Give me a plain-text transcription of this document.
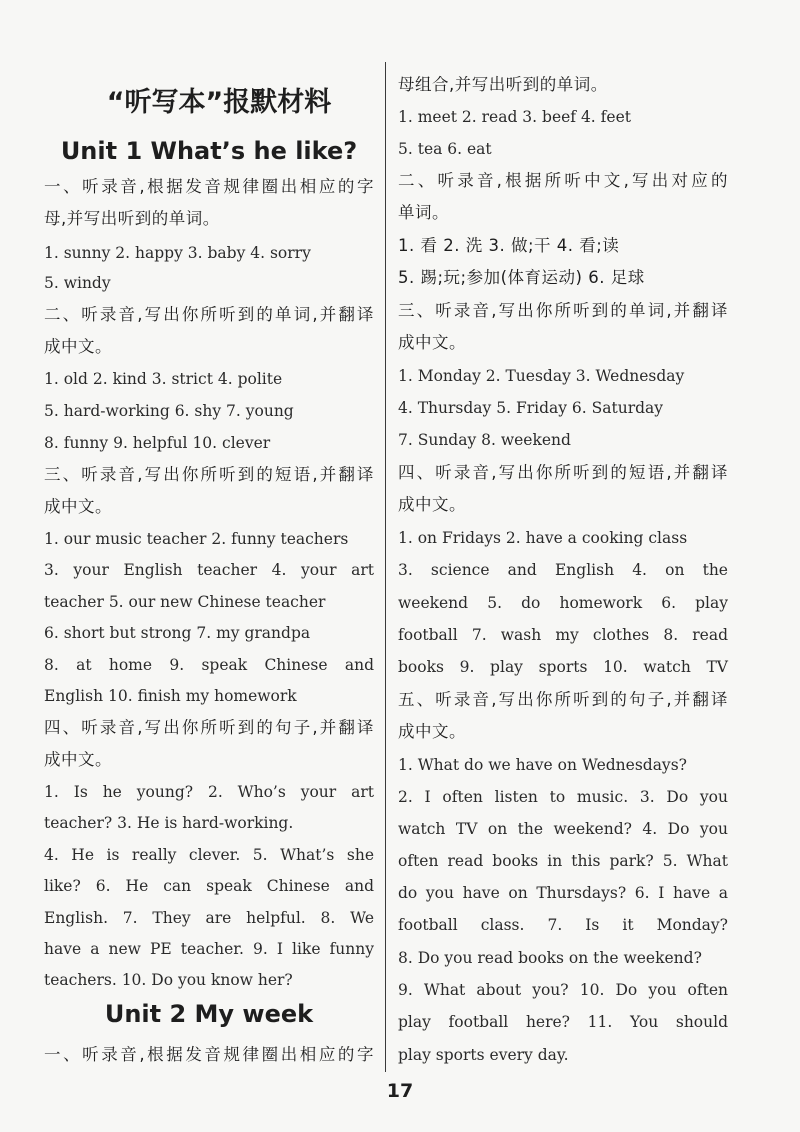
“听写本”报默材料
Unit 1 What’s he like?
一、听录音,根据发音规律圈出相应的字
母,并写出听到的单词。
1. sunny 2. happy 3. baby 4. sorry
5. windy
二、听录音,写出你所听到的单词,并翻译
成中文。
1. old 2. kind 3. strict 4. polite
5. hard-working 6. shy 7. young
8. funny 9. helpful 10. clever
三、听录音,写出你所听到的短语,并翻译
成中文。
1. our music teacher 2. funny teachers
3. your English teacher 4. your art
teacher 5. our new Chinese teacher
6. short but strong 7. my grandpa
8. at home 9. speak Chinese and
English 10. finish my homework
四、听录音,写出你所听到的句子,并翻译
成中文。
1. Is he young? 2. Who’s your art
teacher? 3. He is hard-working.
4. He is really clever. 5. What’s she
like? 6. He can speak Chinese and
English. 7. They are helpful. 8. We
have a new PE teacher. 9. I like funny
teachers. 10. Do you know her?
Unit 2 My week
一、听录音,根据发音规律圈出相应的字
母组合,并写出听到的单词。
1. meet 2. read 3. beef 4. feet
5. tea 6. eat
二、听录音,根据所听中文,写出对应的
单词。
1. 看 2. 洗 3. 做;干 4. 看;读
5. 踢;玩;参加(体育运动) 6. 足球
三、听录音,写出你所听到的单词,并翻译
成中文。
1. Monday 2. Tuesday 3. Wednesday
4. Thursday 5. Friday 6. Saturday
7. Sunday 8. weekend
四、听录音,写出你所听到的短语,并翻译
成中文。
1. on Fridays 2. have a cooking class
3. science and English 4. on the
weekend 5. do homework 6. play
football 7. wash my clothes 8. read
books 9. play sports 10. watch TV
五、听录音,写出你所听到的句子,并翻译
成中文。
1. What do we have on Wednesdays?
2. I often listen to music. 3. Do you
watch TV on the weekend? 4. Do you
often read books in this park? 5. What
do you have on Thursdays? 6. I have a
football class. 7. Is it Monday?
8. Do you read books on the weekend?
9. What about you? 10. Do you often
play football here? 11. You should
play sports every day.
17
